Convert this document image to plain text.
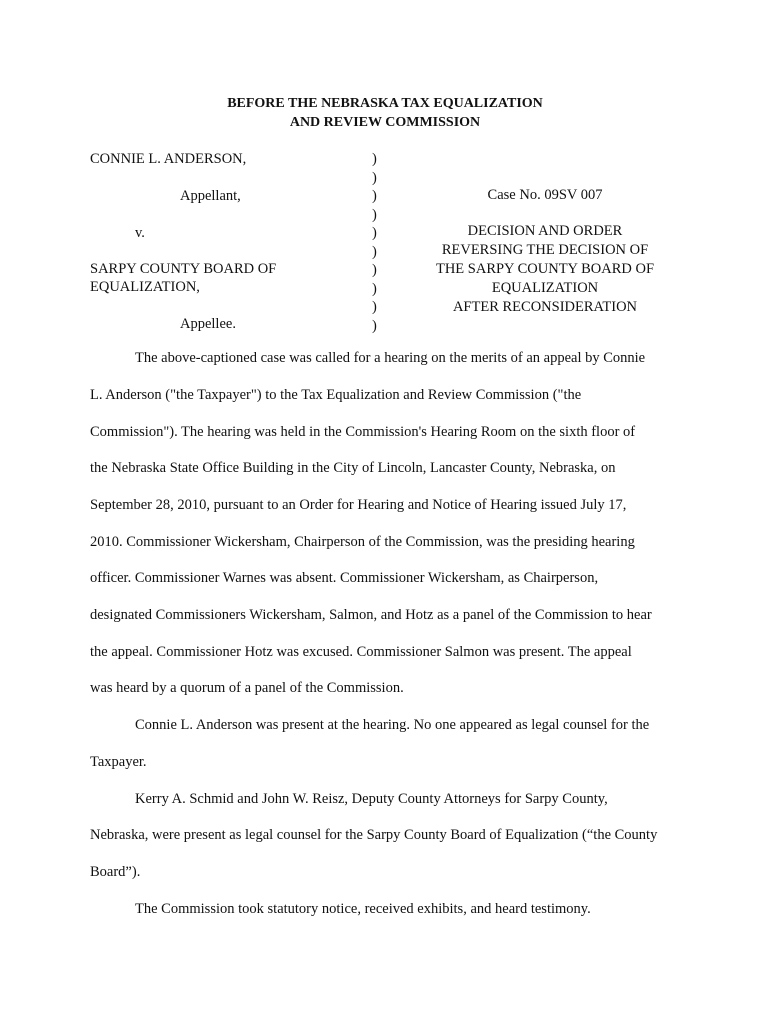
BEFORE THE NEBRASKA TAX EQUALIZATION
AND REVIEW COMMISSION
CONNIE L. ANDERSON,
Appellant,
v.
SARPY COUNTY BOARD OF
EQUALIZATION,
Appellee.
)
)
)
)
)
)
)
)
)
)
Case No. 09SV 007
DECISION AND ORDER
REVERSING THE DECISION OF
THE SARPY COUNTY BOARD OF
EQUALIZATION
AFTER RECONSIDERATION
The above-captioned case was called for a hearing on the merits of an appeal by Connie
L. Anderson ("the Taxpayer") to the Tax Equalization and Review Commission ("the
Commission"). The hearing was held in the Commission's Hearing Room on the sixth floor of
the Nebraska State Office Building in the City of Lincoln, Lancaster County, Nebraska, on
September 28, 2010, pursuant to an Order for Hearing and Notice of Hearing issued July 17,
2010. Commissioner Wickersham, Chairperson of the Commission, was the presiding hearing
officer. Commissioner Warnes was absent. Commissioner Wickersham, as Chairperson,
designated Commissioners Wickersham, Salmon, and Hotz as a panel of the Commission to hear
the appeal. Commissioner Hotz was excused. Commissioner Salmon was present. The appeal
was heard by a quorum of a panel of the Commission.
Connie L. Anderson was present at the hearing. No one appeared as legal counsel for the
Taxpayer.
Kerry A. Schmid and John W. Reisz, Deputy County Attorneys for Sarpy County,
Nebraska, were present as legal counsel for the Sarpy County Board of Equalization (“the County
Board”).
The Commission took statutory notice, received exhibits, and heard testimony.
